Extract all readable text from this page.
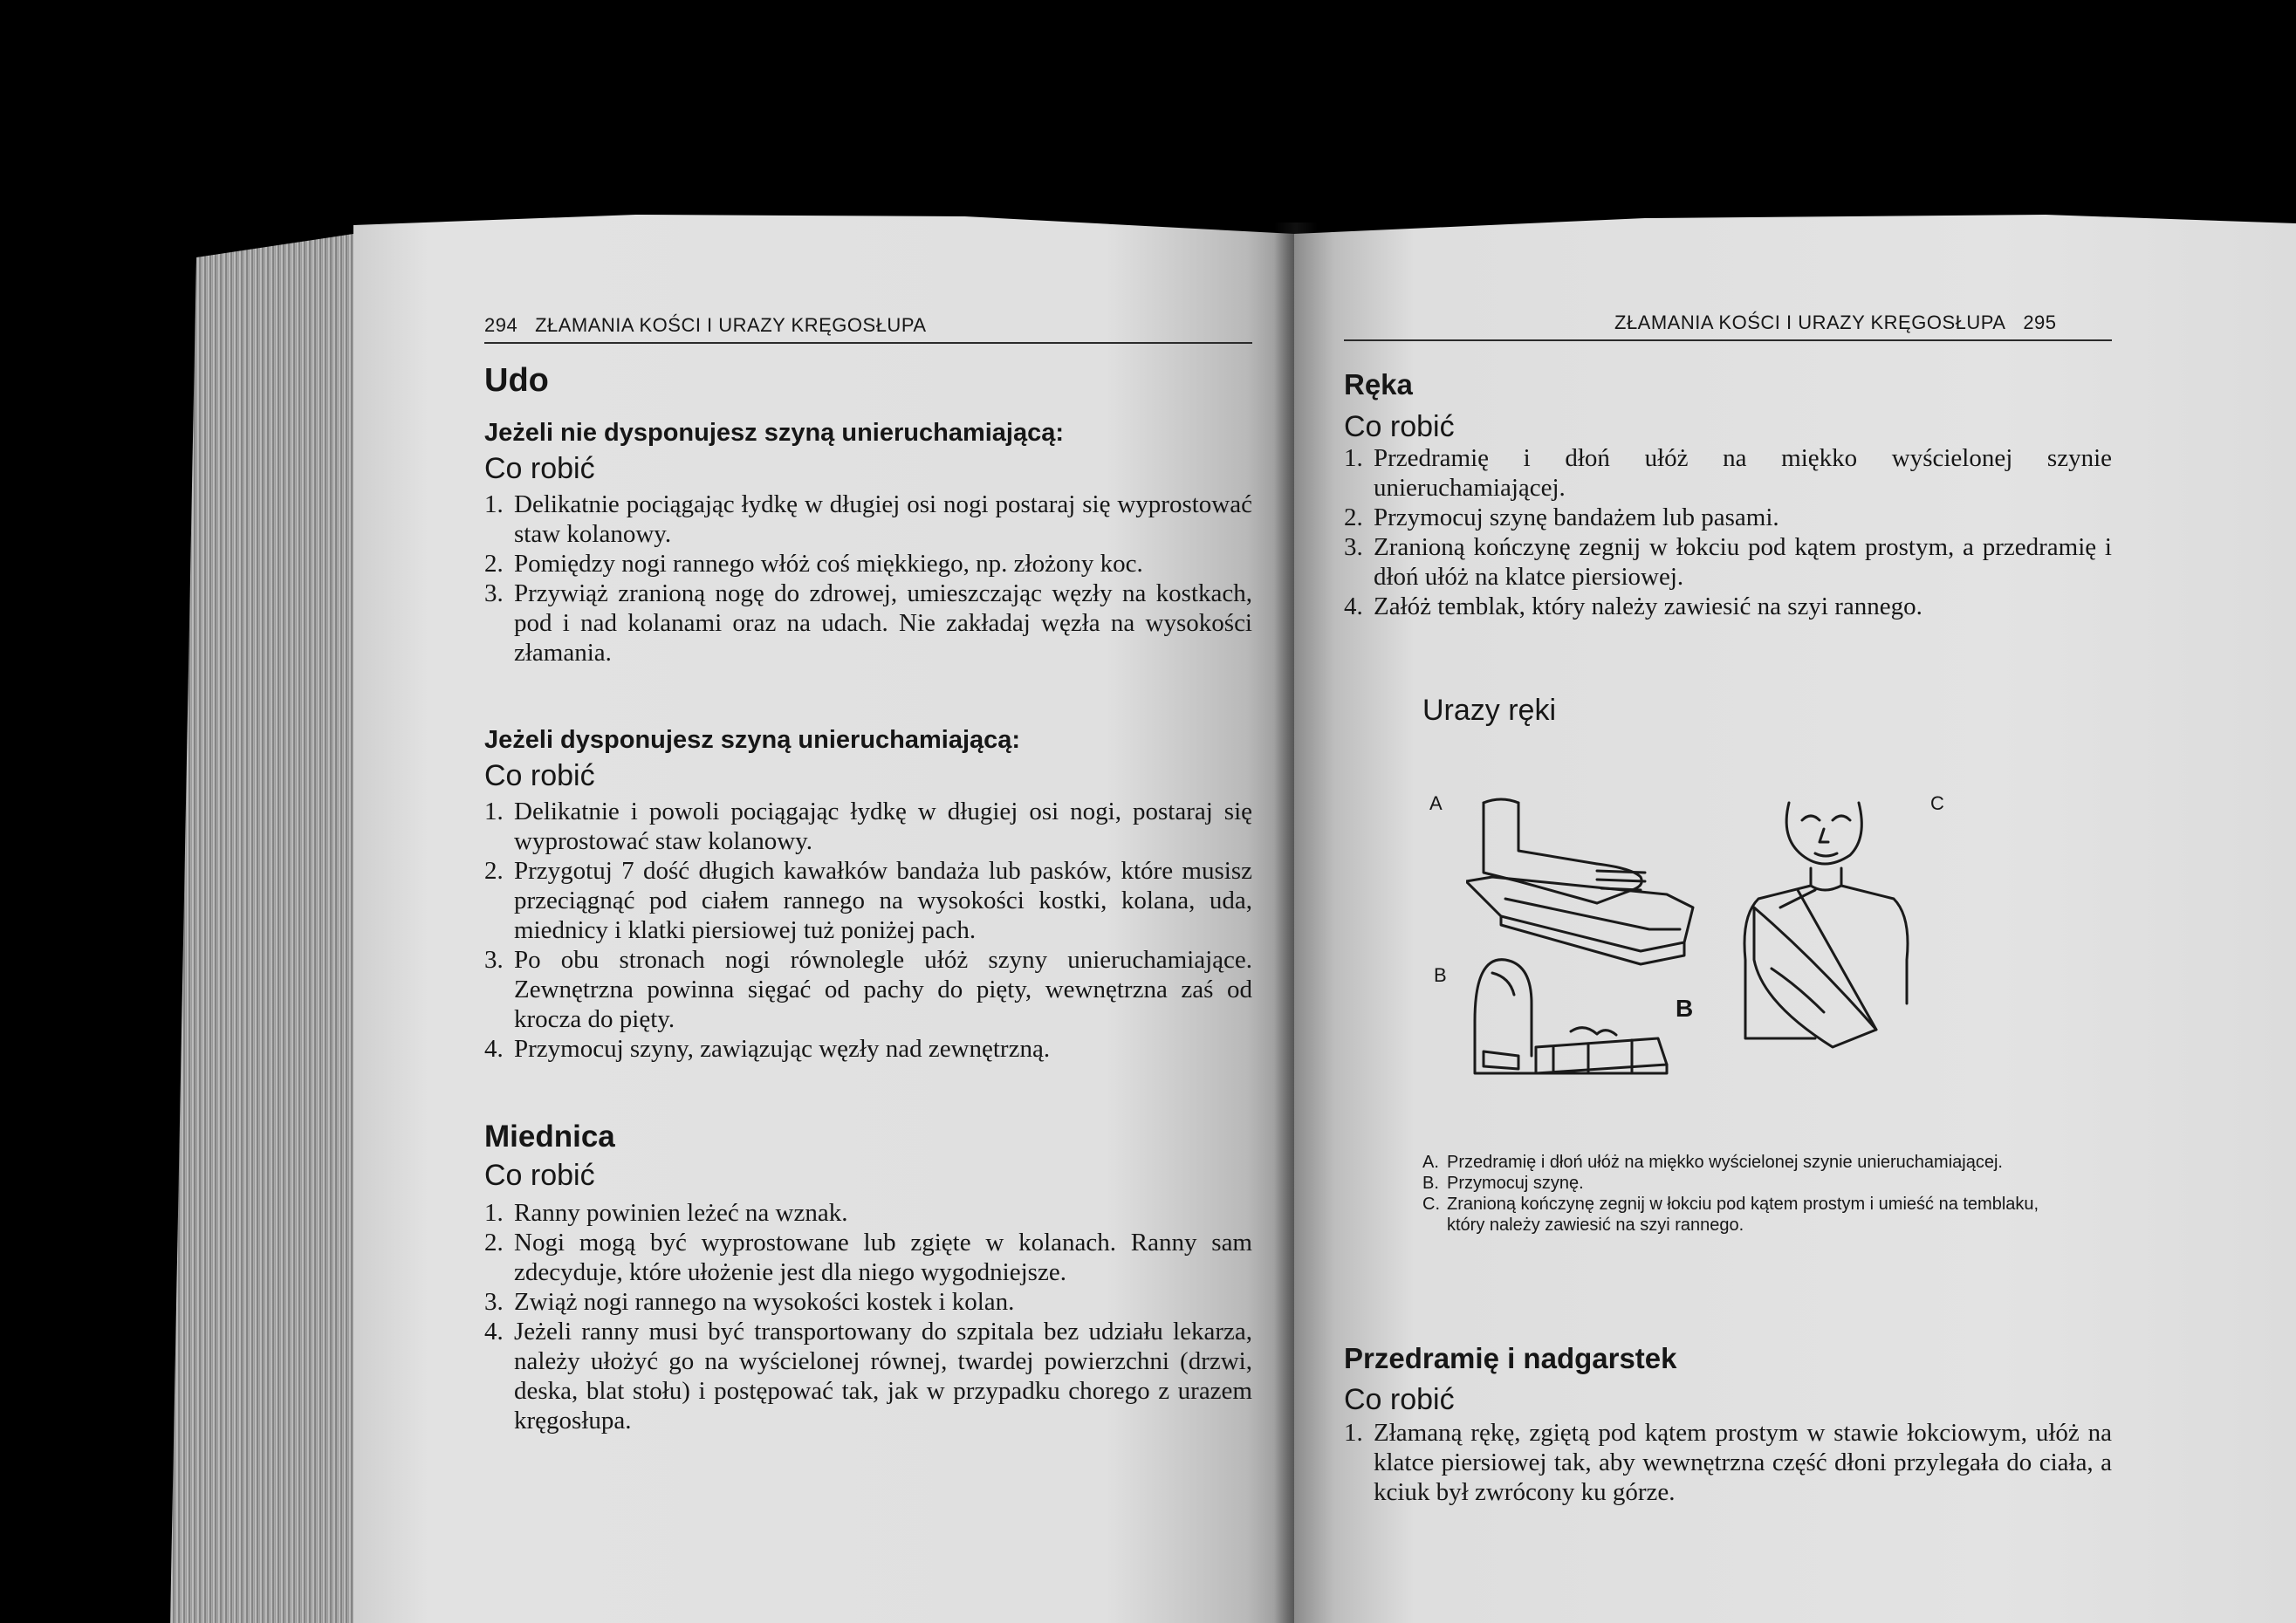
294 ZŁAMANIA KOŚCI I URAZY KRĘGOSŁUPA
Udo
Jeżeli nie dysponujesz szyną unieruchamiającą:
Co robić
1. Delikatnie pociągając łydkę w długiej osi nogi postaraj się wyprostować staw kolanowy.
2. Pomiędzy nogi rannego włóż coś miękkiego, np. złożony koc.
3. Przywiąż zranioną nogę do zdrowej, umieszczając węzły na kostkach, pod i nad kolanami oraz na udach. Nie zakładaj węzła na wysokości złamania.
Jeżeli dysponujesz szyną unieruchamiającą:
Co robić
1. Delikatnie i powoli pociągając łydkę w długiej osi nogi, postaraj się wyprostować staw kolanowy.
2. Przygotuj 7 dość długich kawałków bandaża lub pasków, które musisz przeciągnąć pod ciałem rannego na wysokości kostki, kolana, uda, miednicy i klatki piersiowej tuż poniżej pach.
3. Po obu stronach nogi równolegle ułóż szyny unieruchamiające. Zewnętrzna powinna sięgać od pachy do pięty, wewnętrzna zaś od krocza do pięty.
4. Przymocuj szyny, zawiązując węzły nad zewnętrzną.
Miednica
Co robić
1. Ranny powinien leżeć na wznak.
2. Nogi mogą być wyprostowane lub zgięte w kolanach. Ranny sam zdecyduje, które ułożenie jest dla niego wygodniejsze.
3. Zwiąż nogi rannego na wysokości kostek i kolan.
4. Jeżeli ranny musi być transportowany do szpitala bez udziału lekarza, należy ułożyć go na wyścielonej równej, twardej powierzchni (drzwi, deska, blat stołu) i postępować tak, jak w przypadku chorego z urazem kręgosłupa.
ZŁAMANIA KOŚCI I URAZY KRĘGOSŁUPA 295
Ręka
Co robić
1. Przedramię i dłoń ułóż na miękko wyścielonej szynie unieruchamiającej.
2. Przymocuj szynę bandażem lub pasami.
3. Zranioną kończynę zegnij w łokciu pod kątem prostym, a przedramię i dłoń ułóż na klatce piersiowej.
4. Załóż temblak, który należy zawiesić na szyi rannego.
Urazy ręki
A
B
B
C
A. Przedramię i dłoń ułóż na miękko wyścielonej szynie unieruchamiającej.
B. Przymocuj szynę.
C. Zranioną kończynę zegnij w łokciu pod kątem prostym i umieść na temblaku, który należy zawiesić na szyi rannego.
Przedramię i nadgarstek
Co robić
1. Złamaną rękę, zgiętą pod kątem prostym w stawie łokciowym, ułóż na klatce piersiowej tak, aby wewnętrzna część dłoni przylegała do ciała, a kciuk był zwrócony ku górze.
